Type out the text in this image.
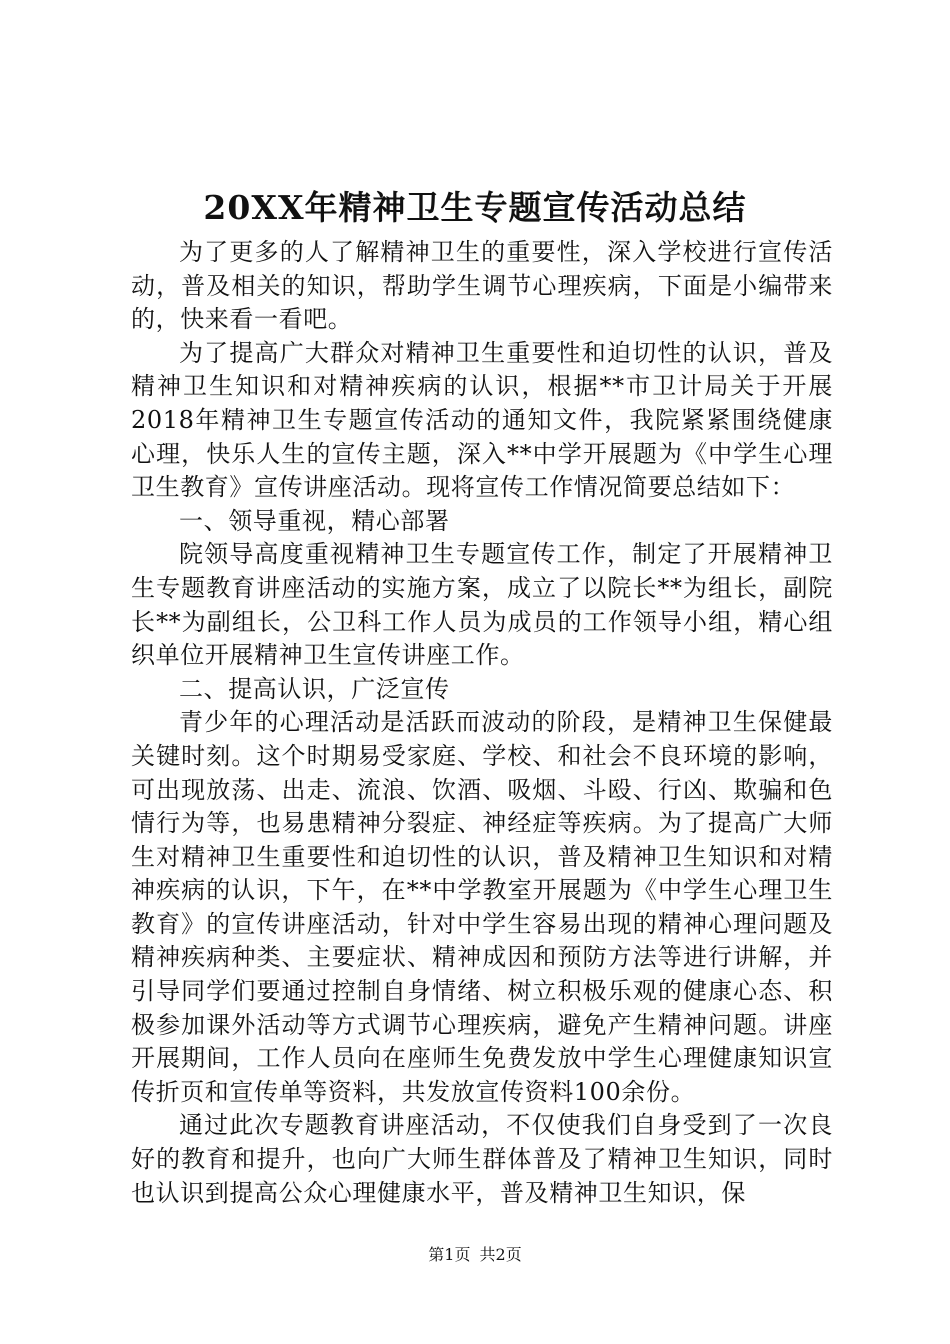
20XX年精神卫生专题宣传活动总结

为了更多的人了解精神卫生的重要性，深入学校进行宣传活动，普及相关的知识，帮助学生调节心理疾病，下面是小编带来的，快来看一看吧。

为了提高广大群众对精神卫生重要性和迫切性的认识，普及精神卫生知识和对精神疾病的认识，根据**市卫计局关于开展2018年精神卫生专题宣传活动的通知文件，我院紧紧围绕健康心理，快乐人生的宣传主题，深入**中学开展题为《中学生心理卫生教育》宣传讲座活动。现将宣传工作情况简要总结如下：

一、领导重视，精心部署

院领导高度重视精神卫生专题宣传工作，制定了开展精神卫生专题教育讲座活动的实施方案，成立了以院长**为组长，副院长**为副组长，公卫科工作人员为成员的工作领导小组，精心组织单位开展精神卫生宣传讲座工作。

二、提高认识，广泛宣传

青少年的心理活动是活跃而波动的阶段，是精神卫生保健最关键时刻。这个时期易受家庭、学校、和社会不良环境的影响，可出现放荡、出走、流浪、饮酒、吸烟、斗殴、行凶、欺骗和色情行为等，也易患精神分裂症、神经症等疾病。为了提高广大师生对精神卫生重要性和迫切性的认识，普及精神卫生知识和对精神疾病的认识，下午，在**中学教室开展题为《中学生心理卫生教育》的宣传讲座活动，针对中学生容易出现的精神心理问题及精神疾病种类、主要症状、精神成因和预防方法等进行讲解，并引导同学们要通过控制自身情绪、树立积极乐观的健康心态、积极参加课外活动等方式调节心理疾病，避免产生精神问题。讲座开展期间，工作人员向在座师生免费发放中学生心理健康知识宣传折页和宣传单等资料，共发放宣传资料100余份。

通过此次专题教育讲座活动，不仅使我们自身受到了一次良好的教育和提升，也向广大师生群体普及了精神卫生知识，同时也认识到提高公众心理健康水平，普及精神卫生知识，保

第1页 共2页
